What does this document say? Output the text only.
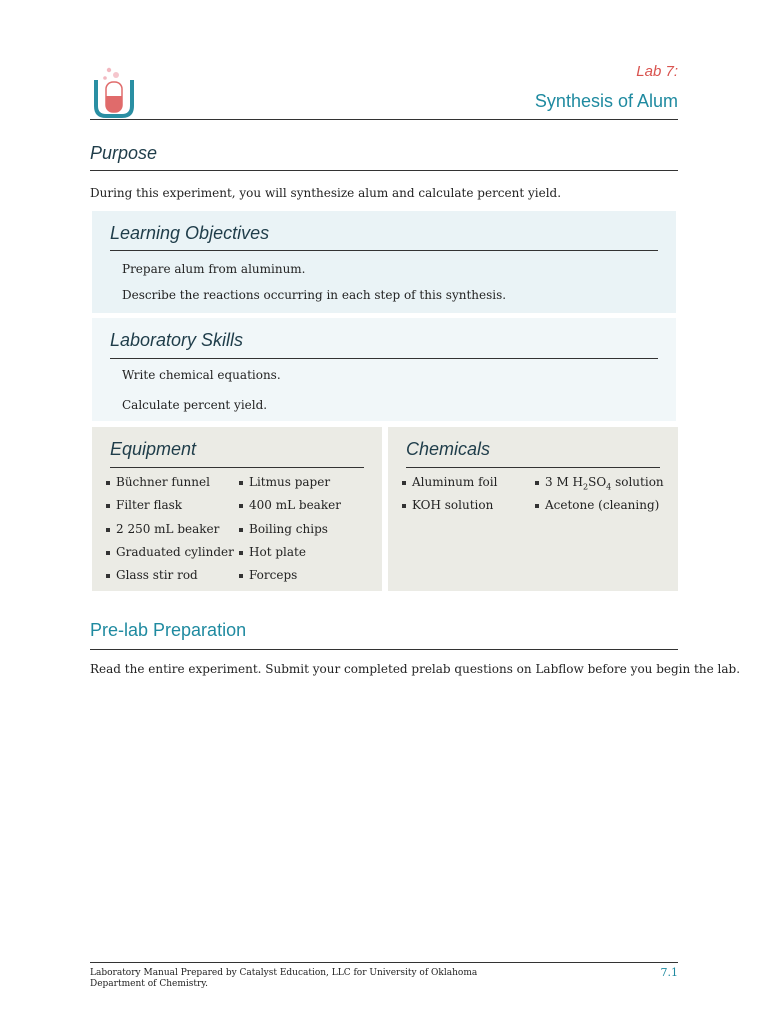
Lab 7:
Synthesis of Alum
Purpose
During this experiment, you will synthesize alum and calculate percent yield.
Learning Objectives
Prepare alum from aluminum.
Describe the reactions occurring in each step of this synthesis.
Laboratory Skills
Write chemical equations.
Calculate percent yield.
Equipment
Büchner funnel
Filter flask
2 250 mL beaker
Graduated cylinder
Glass stir rod
Litmus paper
400 mL beaker
Boiling chips
Hot plate
Forceps
Chemicals
Aluminum foil
KOH solution
3 M $H_2SO_4$ solution
Acetone (cleaning)
Pre-lab Preparation
Read the entire experiment. Submit your completed prelab questions on Labflow before you begin the lab.
Laboratory Manual Prepared by Catalyst Education, LLC for University of Oklahoma
Department of Chemistry.
7.1
